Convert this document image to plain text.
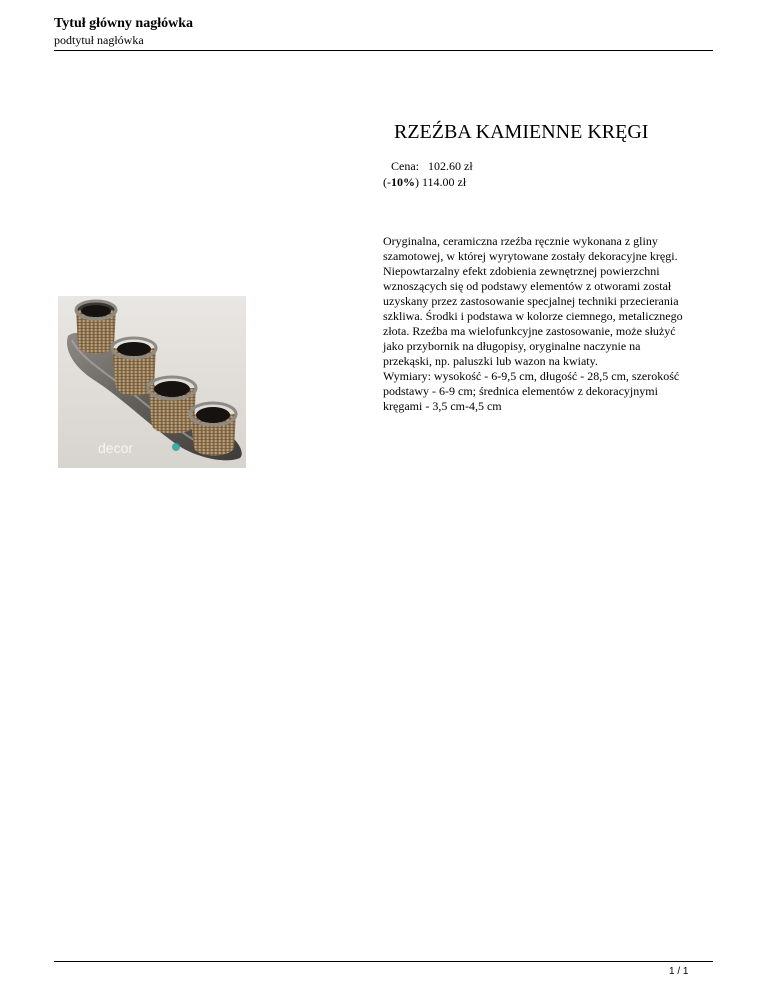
Tytuł główny nagłówka
podtytuł nagłówka
decor
RZEŹBA KAMIENNE KRĘGI
Cena: 102.60 zł
(-10%) 114.00 zł
Oryginalna, ceramiczna rzeźba ręcznie wykonana z gliny
szamotowej, w której wyrytowane zostały dekoracyjne kręgi.
Niepowtarzalny efekt zdobienia zewnętrznej powierzchni
wznoszących się od podstawy elementów z otworami został
uzyskany przez zastosowanie specjalnej techniki przecierania
szkliwa. Środki i podstawa w kolorze ciemnego, metalicznego
złota. Rzeźba ma wielofunkcyjne zastosowanie, może służyć
jako przybornik na długopisy, oryginalne naczynie na
przekąski, np. paluszki lub wazon na kwiaty.
Wymiary: wysokość - 6-9,5 cm, długość - 28,5 cm, szerokość
podstawy - 6-9 cm; średnica elementów z dekoracyjnymi
kręgami - 3,5 cm-4,5 cm
1 / 1
